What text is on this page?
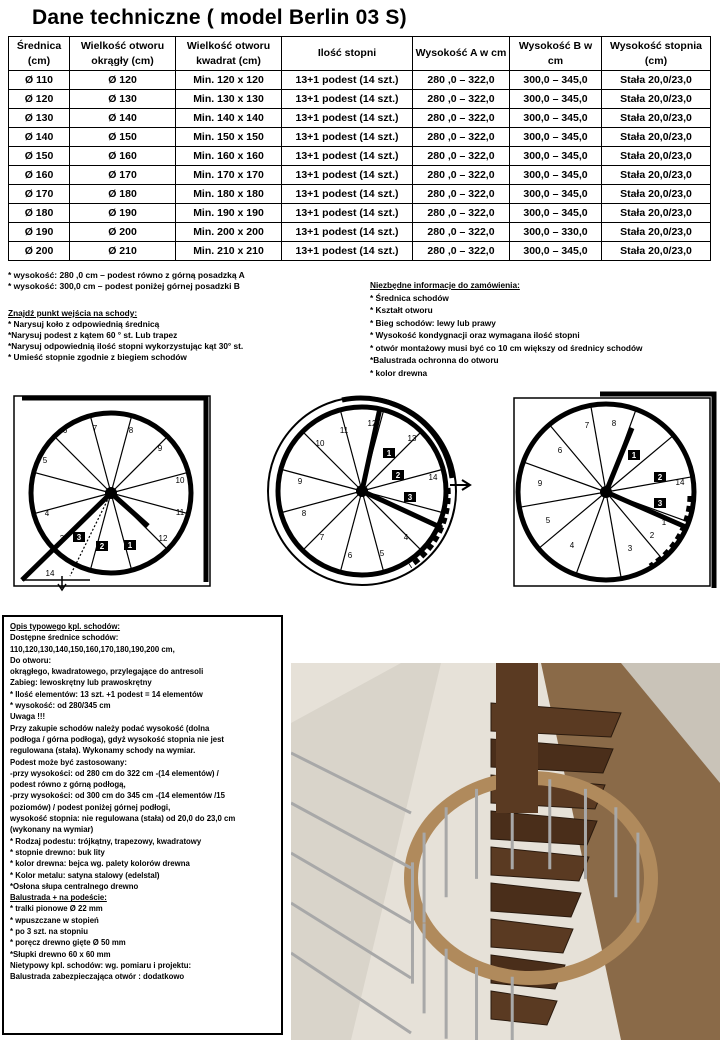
Dane techniczne ( model Berlin 03 S)
Średnica (cm)	Wielkość otworu okrągły (cm)	Wielkość otworu kwadrat (cm)	Ilość stopni	Wysokość A w cm	Wysokość B w cm	Wysokość stopnia (cm)
Ø 110	Ø 120	Min. 120 x 120	13+1 podest (14 szt.)	280 ,0 – 322,0	300,0 – 345,0	Stała 20,0/23,0
Ø 120	Ø 130	Min. 130 x 130	13+1 podest (14 szt.)	280 ,0 – 322,0	300,0 – 345,0	Stała 20,0/23,0
Ø 130	Ø 140	Min. 140 x 140	13+1 podest (14 szt.)	280 ,0 – 322,0	300,0 – 345,0	Stała 20,0/23,0
Ø 140	Ø 150	Min. 150 x 150	13+1 podest (14 szt.)	280 ,0 – 322,0	300,0 – 345,0	Stała 20,0/23,0
Ø 150	Ø 160	Min. 160 x 160	13+1 podest (14 szt.)	280 ,0 – 322,0	300,0 – 345,0	Stała 20,0/23,0
Ø 160	Ø 170	Min. 170 x 170	13+1 podest (14 szt.)	280 ,0 – 322,0	300,0 – 345,0	Stała 20,0/23,0
Ø 170	Ø 180	Min. 180 x 180	13+1 podest (14 szt.)	280 ,0 – 322,0	300,0 – 345,0	Stała 20,0/23,0
Ø 180	Ø 190	Min. 190 x 190	13+1 podest (14 szt.)	280 ,0 – 322,0	300,0 – 345,0	Stała 20,0/23,0
Ø 190	Ø 200	Min. 200 x 200	13+1 podest (14 szt.)	280 ,0 – 322,0	300,0 – 330,0	Stała 20,0/23,0
Ø 200	Ø 210	Min. 210 x 210	13+1 podest (14 szt.)	280 ,0 – 322,0	300,0 – 345,0	Stała 20,0/23,0
* wysokość: 280 ,0 cm – podest równo z górną posadzką A
* wysokość: 300,0 cm – podest poniżej górnej posadzki B
Znajdź punkt wejścia na schody:
* Narysuj koło z odpowiednią średnicą
*Narysuj podest z kątem 60 ° st. Lub trapez
*Narysuj odpowiednią ilość stopni wykorzystując kąt 30° st.
* Umieść stopnie zgodnie z biegiem schodów
Niezbędne informacje do zamówienia:
* Średnica schodów
* Kształt otworu
* Bieg schodów: lewy lub prawy
* Wysokość kondygnacji oraz wymagana ilość stopni
* otwór montażowy musi być co 10 cm większy od średnicy schodów
*Balustrada ochronna do otworu
* kolor drewna
3
2	1
7	8
9
10
11
12
6
5
4
3
14
1
2
3
12
11
10
9
8
7
6	5
4
13
14
1
2
3
7
6
8
9
5
4	3
2
1
14
Opis typowego kpl. schodów:
Dostępne średnice schodów:
110,120,130,140,150,160,170,180,190,200 cm,
Do otworu:
okrągłego, kwadratowego, przylegające do antresoli
Zabieg: lewoskrętny lub prawoskrętny
* Ilość elementów: 13 szt. +1 podest = 14 elementów
* wysokość: od 280/345 cm
Uwaga !!!
Przy zakupie schodów należy podać wysokość (dolna
podłoga / górna podłoga), gdyż wysokość stopnia nie jest
regulowana (stała). Wykonamy schody na wymiar.
Podest może być zastosowany:
-przy wysokości: od 280 cm do 322 cm -(14 elementów) /
podest równo z górną podłogą,
-przy wysokości: od 300 cm do 345 cm -(14 elementów /15
poziomów) / podest poniżej górnej podłogi,
wysokość stopnia: nie regulowana (stała) od 20,0 do 23,0 cm
(wykonany na wymiar)
* Rodzaj podestu: trójkątny, trapezowy, kwadratowy
* stopnie drewno: buk lity
* kolor drewna: bejca wg. palety kolorów drewna
* Kolor metalu: satyna stalowy (edelstal)
*Osłona słupa centralnego drewno
Balustrada + na podeście:
* tralki pionowe Ø 22 mm
* wpuszczane w stopień
* po 3 szt. na stopniu
* poręcz drewno gięte Ø 50 mm
*Słupki drewno 60 x 60 mm
Nietypowy kpl. schodów: wg. pomiaru i projektu:
Balustrada zabezpieczająca otwór : dodatkowo
